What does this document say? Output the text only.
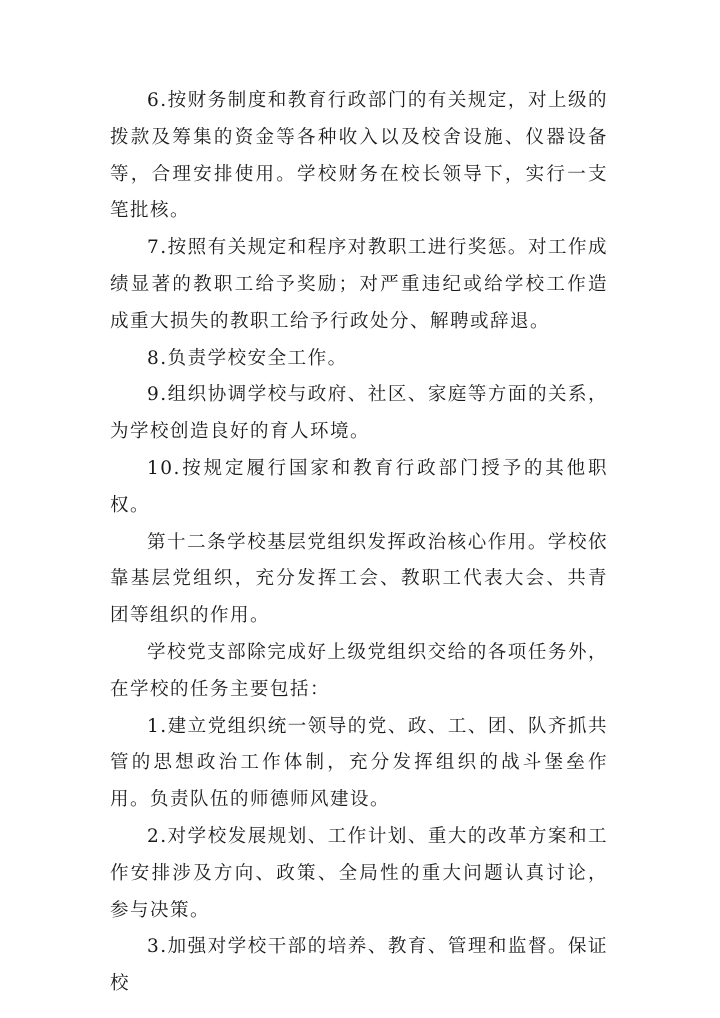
6.按财务制度和教育行政部门的有关规定，对上级的拨款及筹集的资金等各种收入以及校舍设施、仪器设备等，合理安排使用。学校财务在校长领导下，实行一支笔批核。

7.按照有关规定和程序对教职工进行奖惩。对工作成绩显著的教职工给予奖励；对严重违纪或给学校工作造成重大损失的教职工给予行政处分、解聘或辞退。

8.负责学校安全工作。

9.组织协调学校与政府、社区、家庭等方面的关系，为学校创造良好的育人环境。

10.按规定履行国家和教育行政部门授予的其他职权。

第十二条学校基层党组织发挥政治核心作用。学校依靠基层党组织，充分发挥工会、教职工代表大会、共青团等组织的作用。

学校党支部除完成好上级党组织交给的各项任务外，在学校的任务主要包括：

1.建立党组织统一领导的党、政、工、团、队齐抓共管的思想政治工作体制，充分发挥组织的战斗堡垒作用。负责队伍的师德师风建设。

2.对学校发展规划、工作计划、重大的改革方案和工作安排涉及方向、政策、全局性的重大问题认真讨论，参与决策。

3.加强对学校干部的培养、教育、管理和监督。保证校
